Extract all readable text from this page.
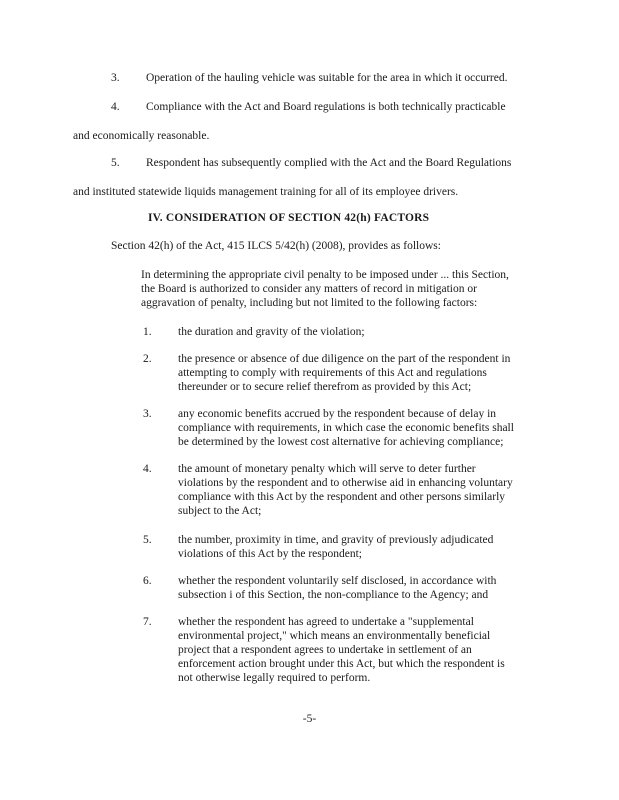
3. Operation of the hauling vehicle was suitable for the area in which it occurred.
4. Compliance with the Act and Board regulations is both technically practicable
and economically reasonable.
5. Respondent has subsequently complied with the Act and the Board Regulations
and instituted statewide liquids management training for all of its employee drivers.
IV. CONSIDERATION OF SECTION 42(h) FACTORS
Section 42(h) of the Act, 415 ILCS 5/42(h) (2008), provides as follows:
In determining the appropriate civil penalty to be imposed under ... this Section,
the Board is authorized to consider any matters of record in mitigation or
aggravation of penalty, including but not limited to the following factors:
1. the duration and gravity of the violation;
2. the presence or absence of due diligence on the part of the respondent in
attempting to comply with requirements of this Act and regulations
thereunder or to secure relief therefrom as provided by this Act;
3. any economic benefits accrued by the respondent because of delay in
compliance with requirements, in which case the economic benefits shall
be determined by the lowest cost alternative for achieving compliance;
4. the amount of monetary penalty which will serve to deter further
violations by the respondent and to otherwise aid in enhancing voluntary
compliance with this Act by the respondent and other persons similarly
subject to the Act;
5. the number, proximity in time, and gravity of previously adjudicated
violations of this Act by the respondent;
6. whether the respondent voluntarily self disclosed, in accordance with
subsection i of this Section, the non-compliance to the Agency; and
7. whether the respondent has agreed to undertake a "supplemental
environmental project," which means an environmentally beneficial
project that a respondent agrees to undertake in settlement of an
enforcement action brought under this Act, but which the respondent is
not otherwise legally required to perform.
-5-
